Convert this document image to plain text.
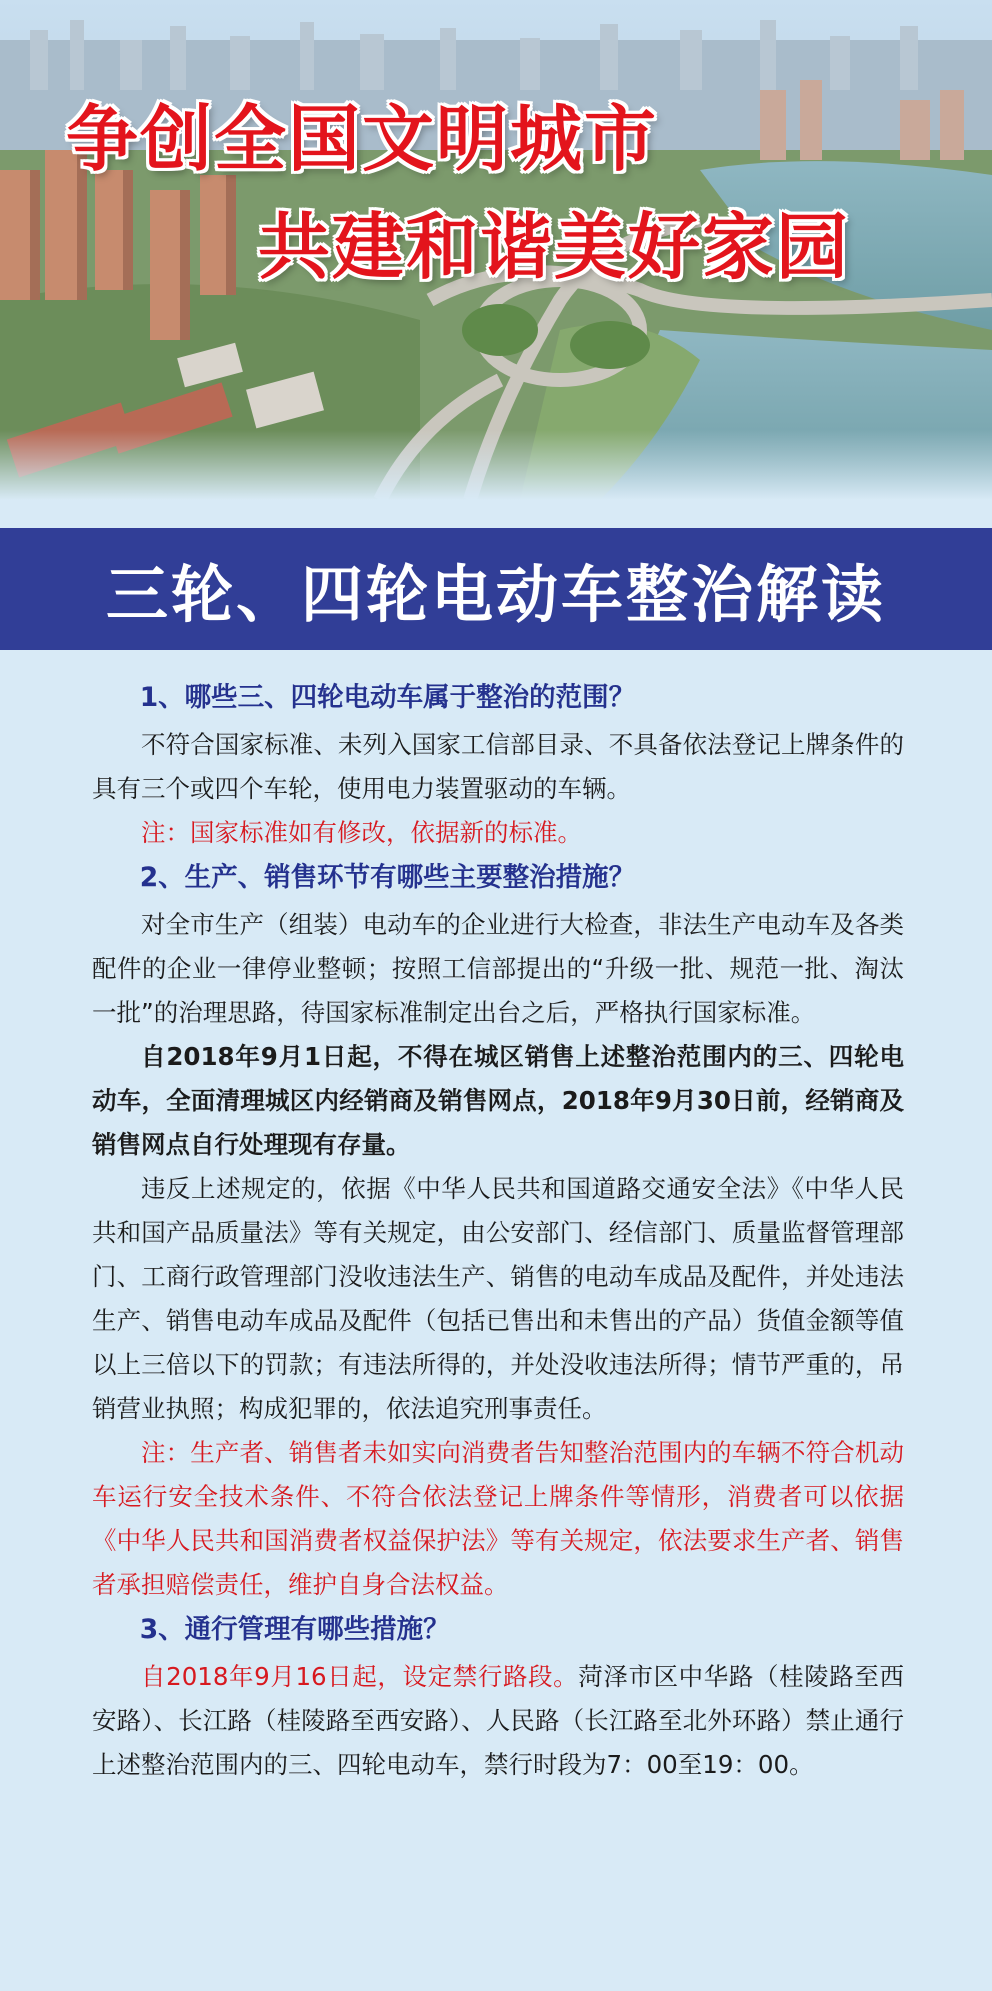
争创全国文明城市
共建和谐美好家园
三轮、四轮电动车整治解读
1、哪些三、四轮电动车属于整治的范围？

不符合国家标准、未列入国家工信部目录、不具备依法登记上牌条件的具有三个或四个车轮，使用电力装置驱动的车辆。

注：国家标准如有修改，依据新的标准。

2、生产、销售环节有哪些主要整治措施？

对全市生产（组装）电动车的企业进行大检查，非法生产电动车及各类配件的企业一律停业整顿；按照工信部提出的“升级一批、规范一批、淘汰一批”的治理思路，待国家标准制定出台之后，严格执行国家标准。

自2018年9月1日起，不得在城区销售上述整治范围内的三、四轮电动车，全面清理城区内经销商及销售网点，2018年9月30日前，经销商及销售网点自行处理现有存量。

违反上述规定的，依据《中华人民共和国道路交通安全法》《中华人民共和国产品质量法》等有关规定，由公安部门、经信部门、质量监督管理部门、工商行政管理部门没收违法生产、销售的电动车成品及配件，并处违法生产、销售电动车成品及配件（包括已售出和未售出的产品）货值金额等值以上三倍以下的罚款；有违法所得的，并处没收违法所得；情节严重的，吊销营业执照；构成犯罪的，依法追究刑事责任。

注：生产者、销售者未如实向消费者告知整治范围内的车辆不符合机动车运行安全技术条件、不符合依法登记上牌条件等情形，消费者可以依据《中华人民共和国消费者权益保护法》等有关规定，依法要求生产者、销售者承担赔偿责任，维护自身合法权益。

3、通行管理有哪些措施？

自2018年9月16日起，设定禁行路段。菏泽市区中华路（桂陵路至西安路）、长江路（桂陵路至西安路）、人民路（长江路至北外环路）禁止通行上述整治范围内的三、四轮电动车，禁行时段为7：00至19：00。
